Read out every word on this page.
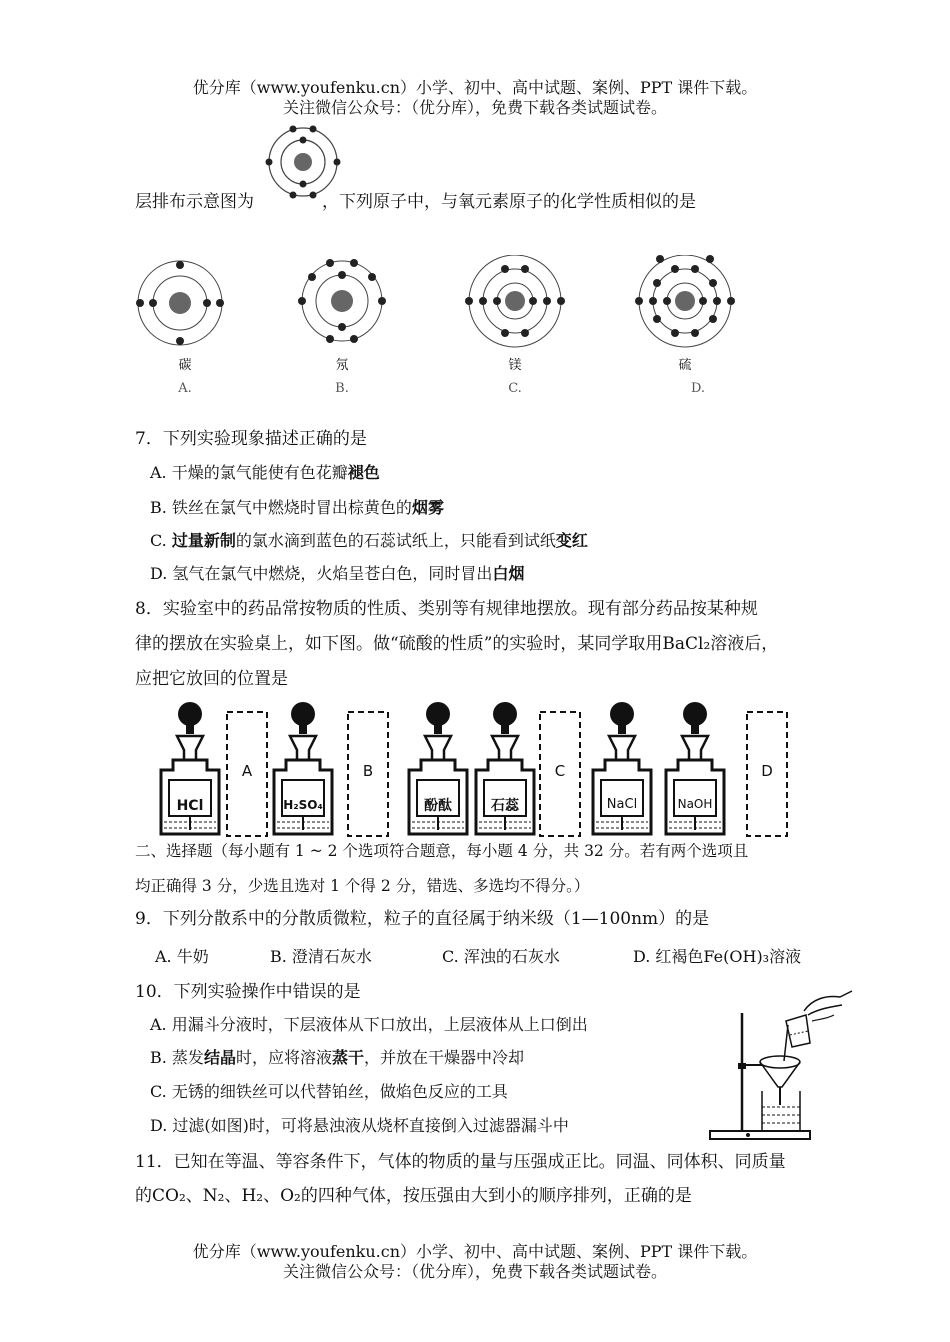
优分库（www.youfenku.cn）小学、初中、高中试题、案例、PPT 课件下载。
关注微信公众号：（优分库），免费下载各类试题试卷。
层排布示意图为	，下列原子中，与氧元素原子的化学性质相似的是
碳	氖	镁	硫
A.	B.	C.	D.
7．下列实验现象描述正确的是
A. 干燥的氯气能使有色花瓣褪色
B. 铁丝在氯气中燃烧时冒出棕黄色的烟雾
C. 过量新制的氯水滴到蓝色的石蕊试纸上，只能看到试纸变红
D. 氢气在氯气中燃烧，火焰呈苍白色，同时冒出白烟
8．实验室中的药品常按物质的性质、类别等有规律地摆放。现有部分药品按某种规
律的摆放在实验桌上，如下图。做“硫酸的性质”的实验时，某同学取用BaCl₂溶液后，
应把它放回的位置是
HCl	H₂SO₄	酚酞	石蕊	NaCl	NaOH
A	B	C	D
二、选择题（每小题有 1 ~ 2 个选项符合题意，每小题 4 分，共 32 分。若有两个选项且
均正确得 3 分，少选且选对 1 个得 2 分，错选、多选均不得分。）
9．下列分散系中的分散质微粒，粒子的直径属于纳米级（1—100nm）的是
A. 牛奶	B. 澄清石灰水	C. 浑浊的石灰水	D. 红褐色Fe(OH)₃溶液
10．下列实验操作中错误的是
A. 用漏斗分液时，下层液体从下口放出，上层液体从上口倒出
B. 蒸发结晶时，应将溶液蒸干，并放在干燥器中冷却
C. 无锈的细铁丝可以代替铂丝，做焰色反应的工具
D. 过滤(如图)时，可将悬浊液从烧杯直接倒入过滤器漏斗中
11．已知在等温、等容条件下，气体的物质的量与压强成正比。同温、同体积、同质量
的CO₂、N₂、H₂、O₂的四种气体，按压强由大到小的顺序排列，正确的是
优分库（www.youfenku.cn）小学、初中、高中试题、案例、PPT 课件下载。
关注微信公众号：（优分库），免费下载各类试题试卷。
